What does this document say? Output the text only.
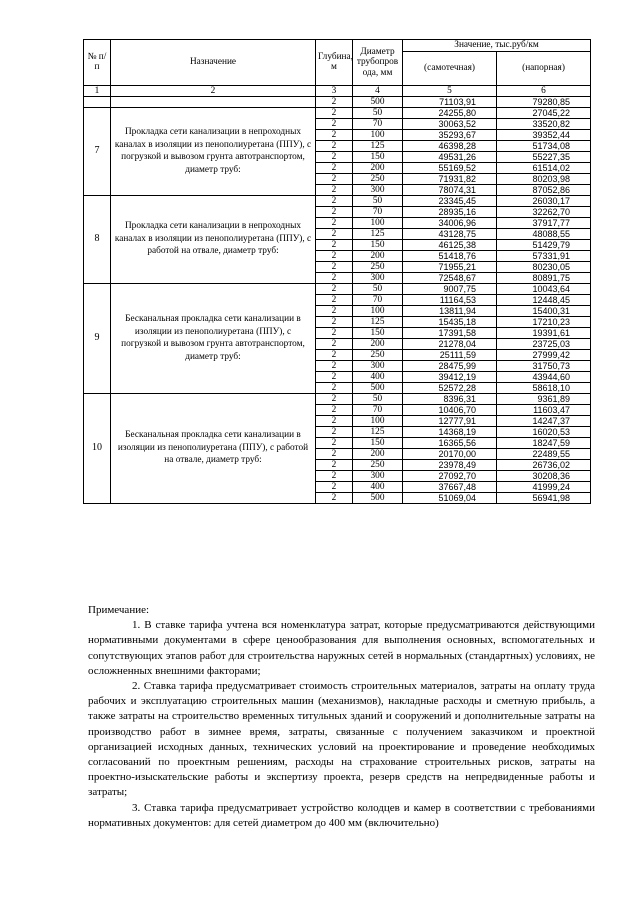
№ п/п	Назначение	Глубина, м	Диаметр трубопров ода, мм	Значение, тыс.руб/км	
				(самотечная)	(напорная)
1	2	3	4	5	6
		2	500	71103,91	79280,85
7	Прокладка сети канализации в непроходных каналах в изоляции из пенополиуретана (ППУ), с погрузкой и вывозом грунта автотранспортом, диаметр труб:	2	50	24255,80	27045,22
		2	70	30063,52	33520,82
		2	100	35293,67	39352,44
		2	125	46398,28	51734,08
		2	150	49531,26	55227,35
		2	200	55169,52	61514,02
		2	250	71931,82	80203,98
		2	300	78074,31	87052,86
8	Прокладка сети канализации в непроходных каналах в изоляции из пенополиуретана (ППУ), с работой на отвале, диаметр труб:	2	50	23345,45	26030,17
		2	70	28935,16	32262,70
		2	100	34006,96	37917,77
		2	125	43128,75	48088,55
		2	150	46125,38	51429,79
		2	200	51418,76	57331,91
		2	250	71955,21	80230,05
		2	300	72548,67	80891,75
9	Бесканальная прокладка сети канализации в изоляции из пенополиуретана (ППУ), с погрузкой и вывозом грунта автотранспортом, диаметр труб:	2	50	9007,75	10043,64
		2	70	11164,53	12448,45
		2	100	13811,94	15400,31
		2	125	15435,18	17210,23
		2	150	17391,58	19391,61
		2	200	21278,04	23725,03
		2	250	25111,59	27999,42
		2	300	28475,99	31750,73
		2	400	39412,19	43944,60
		2	500	52572,28	58618,10
10	Бесканальная прокладка сети канализации в изоляции из пенополиуретана (ППУ), с работой на отвале, диаметр труб:	2	50	8396,31	9361,89
		2	70	10406,70	11603,47
		2	100	12777,91	14247,37
		2	125	14368,19	16020,53
		2	150	16365,56	18247,59
		2	200	20170,00	22489,55
		2	250	23978,49	26736,02
		2	300	27092,70	30208,36
		2	400	37667,48	41999,24
		2	500	51069,04	56941,98
Примечание:

1. В ставке тарифа учтена вся номенклатура затрат, которые предусматриваются действующими нормативными документами в сфере ценообразования для выполнения основных, вспомогательных и сопутствующих этапов работ для строительства наружных сетей в нормальных (стандартных) условиях, не осложненных внешними факторами;

2. Ставка тарифа предусматривает стоимость строительных материалов, затраты на оплату труда рабочих и эксплуатацию строительных машин (механизмов), накладные расходы и сметную прибыль, а также затраты на строительство временных титульных зданий и сооружений и дополнительные затраты на производство работ в зимнее время, затраты, связанные с получением заказчиком и проектной организацией исходных данных, технических условий на проектирование и проведение необходимых согласований по проектным решениям, расходы на страхование строительных рисков, затраты на проектно-изыскательские работы и экспертизу проекта, резерв средств на непредвиденные работы и затраты;

3. Ставка тарифа предусматривает устройство колодцев и камер в соответствии с требованиями нормативных документов: для сетей диаметром до 400 мм (включительно)
